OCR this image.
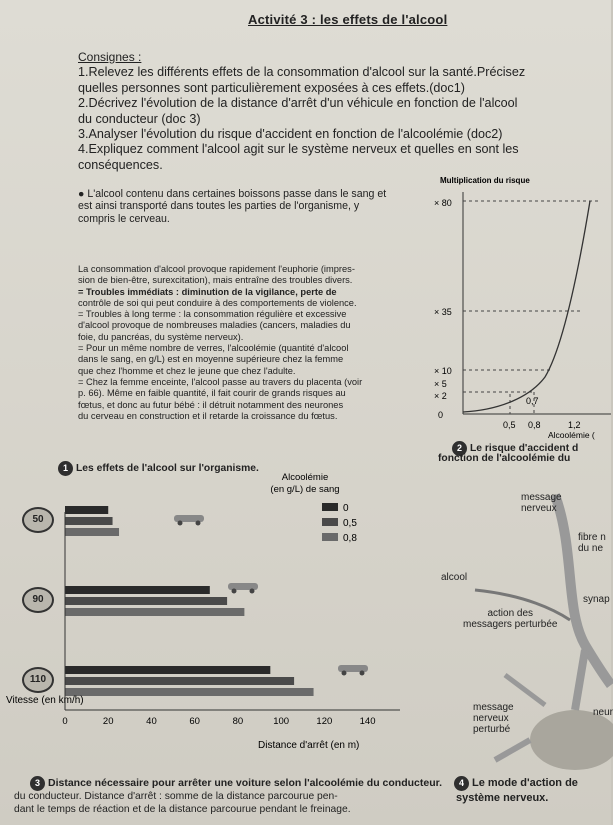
Activité 3 : les effets de l'alcool
Consignes :

1.Relevez les différents effets de la consommation d'alcool sur la santé.Précisez

quelles personnes sont particulièrement exposées à ces effets.(doc1)

2.Décrivez l'évolution de la distance d'arrêt d'un véhicule en fonction de l'alcool

du conducteur (doc 3)

3.Analyser l'évolution du risque d'accident en fonction de l'alcoolémie (doc2)

4.Expliquez comment l'alcool agit sur le système nerveux et quelles en sont les

conséquences.

● L'alcool contenu dans certaines boissons passe dans le sang et
est ainsi transporté dans toutes les parties de l'organisme, y
compris le cerveau.
La consommation d'alcool provoque rapidement l'euphorie (impres-
sion de bien-être, surexcitation), mais entraîne des troubles divers.
= Troubles immédiats : diminution de la vigilance, perte de
contrôle de soi qui peut conduire à des comportements de violence.
= Troubles à long terme : la consommation régulière et excessive
d'alcool provoque de nombreuses maladies (cancers, maladies du
foie, du pancréas, du système nerveux).
= Pour un même nombre de verres, l'alcoolémie (quantité d'alcool
dans le sang, en g/L) est en moyenne supérieure chez la femme
que chez l'homme et chez le jeune que chez l'adulte.
= Chez la femme enceinte, l'alcool passe au travers du placenta (voir
p. 66). Même en faible quantité, il fait courir de grands risques au
fœtus, et donc au futur bébé : il détruit notamment des neurones
du cerveau en construction et il retarde la croissance du fœtus.
1 Les effets de l'alcool sur l'organisme.
Multiplication du risque
× 80
× 35
× 10
× 5
× 2
0
0,5 0,8	1,2
0,7
Alcoolémie (
2 Le risque d'accident d
fonction de l'alcoolémie du
Alcoolémie
(en g/L) de sang
0
0,5
0,8
0	20	40	60	80	100	120	140
Vitesse (en km/h)
Distance d'arrêt (en m)
50
90
110
3 Distance nécessaire pour arrêter une voiture selon l'alcoolémie du conducteur.
du conducteur. Distance d'arrêt : somme de la distance parcourue pen-
dant le temps de réaction et de la distance parcourue pendant le freinage.
message
nerveux
fibre n
du ne
alcool
synap
action des
messagers perturbée
message
nerveux
perturbé
neur
4 Le mode d'action de
système nerveux.
